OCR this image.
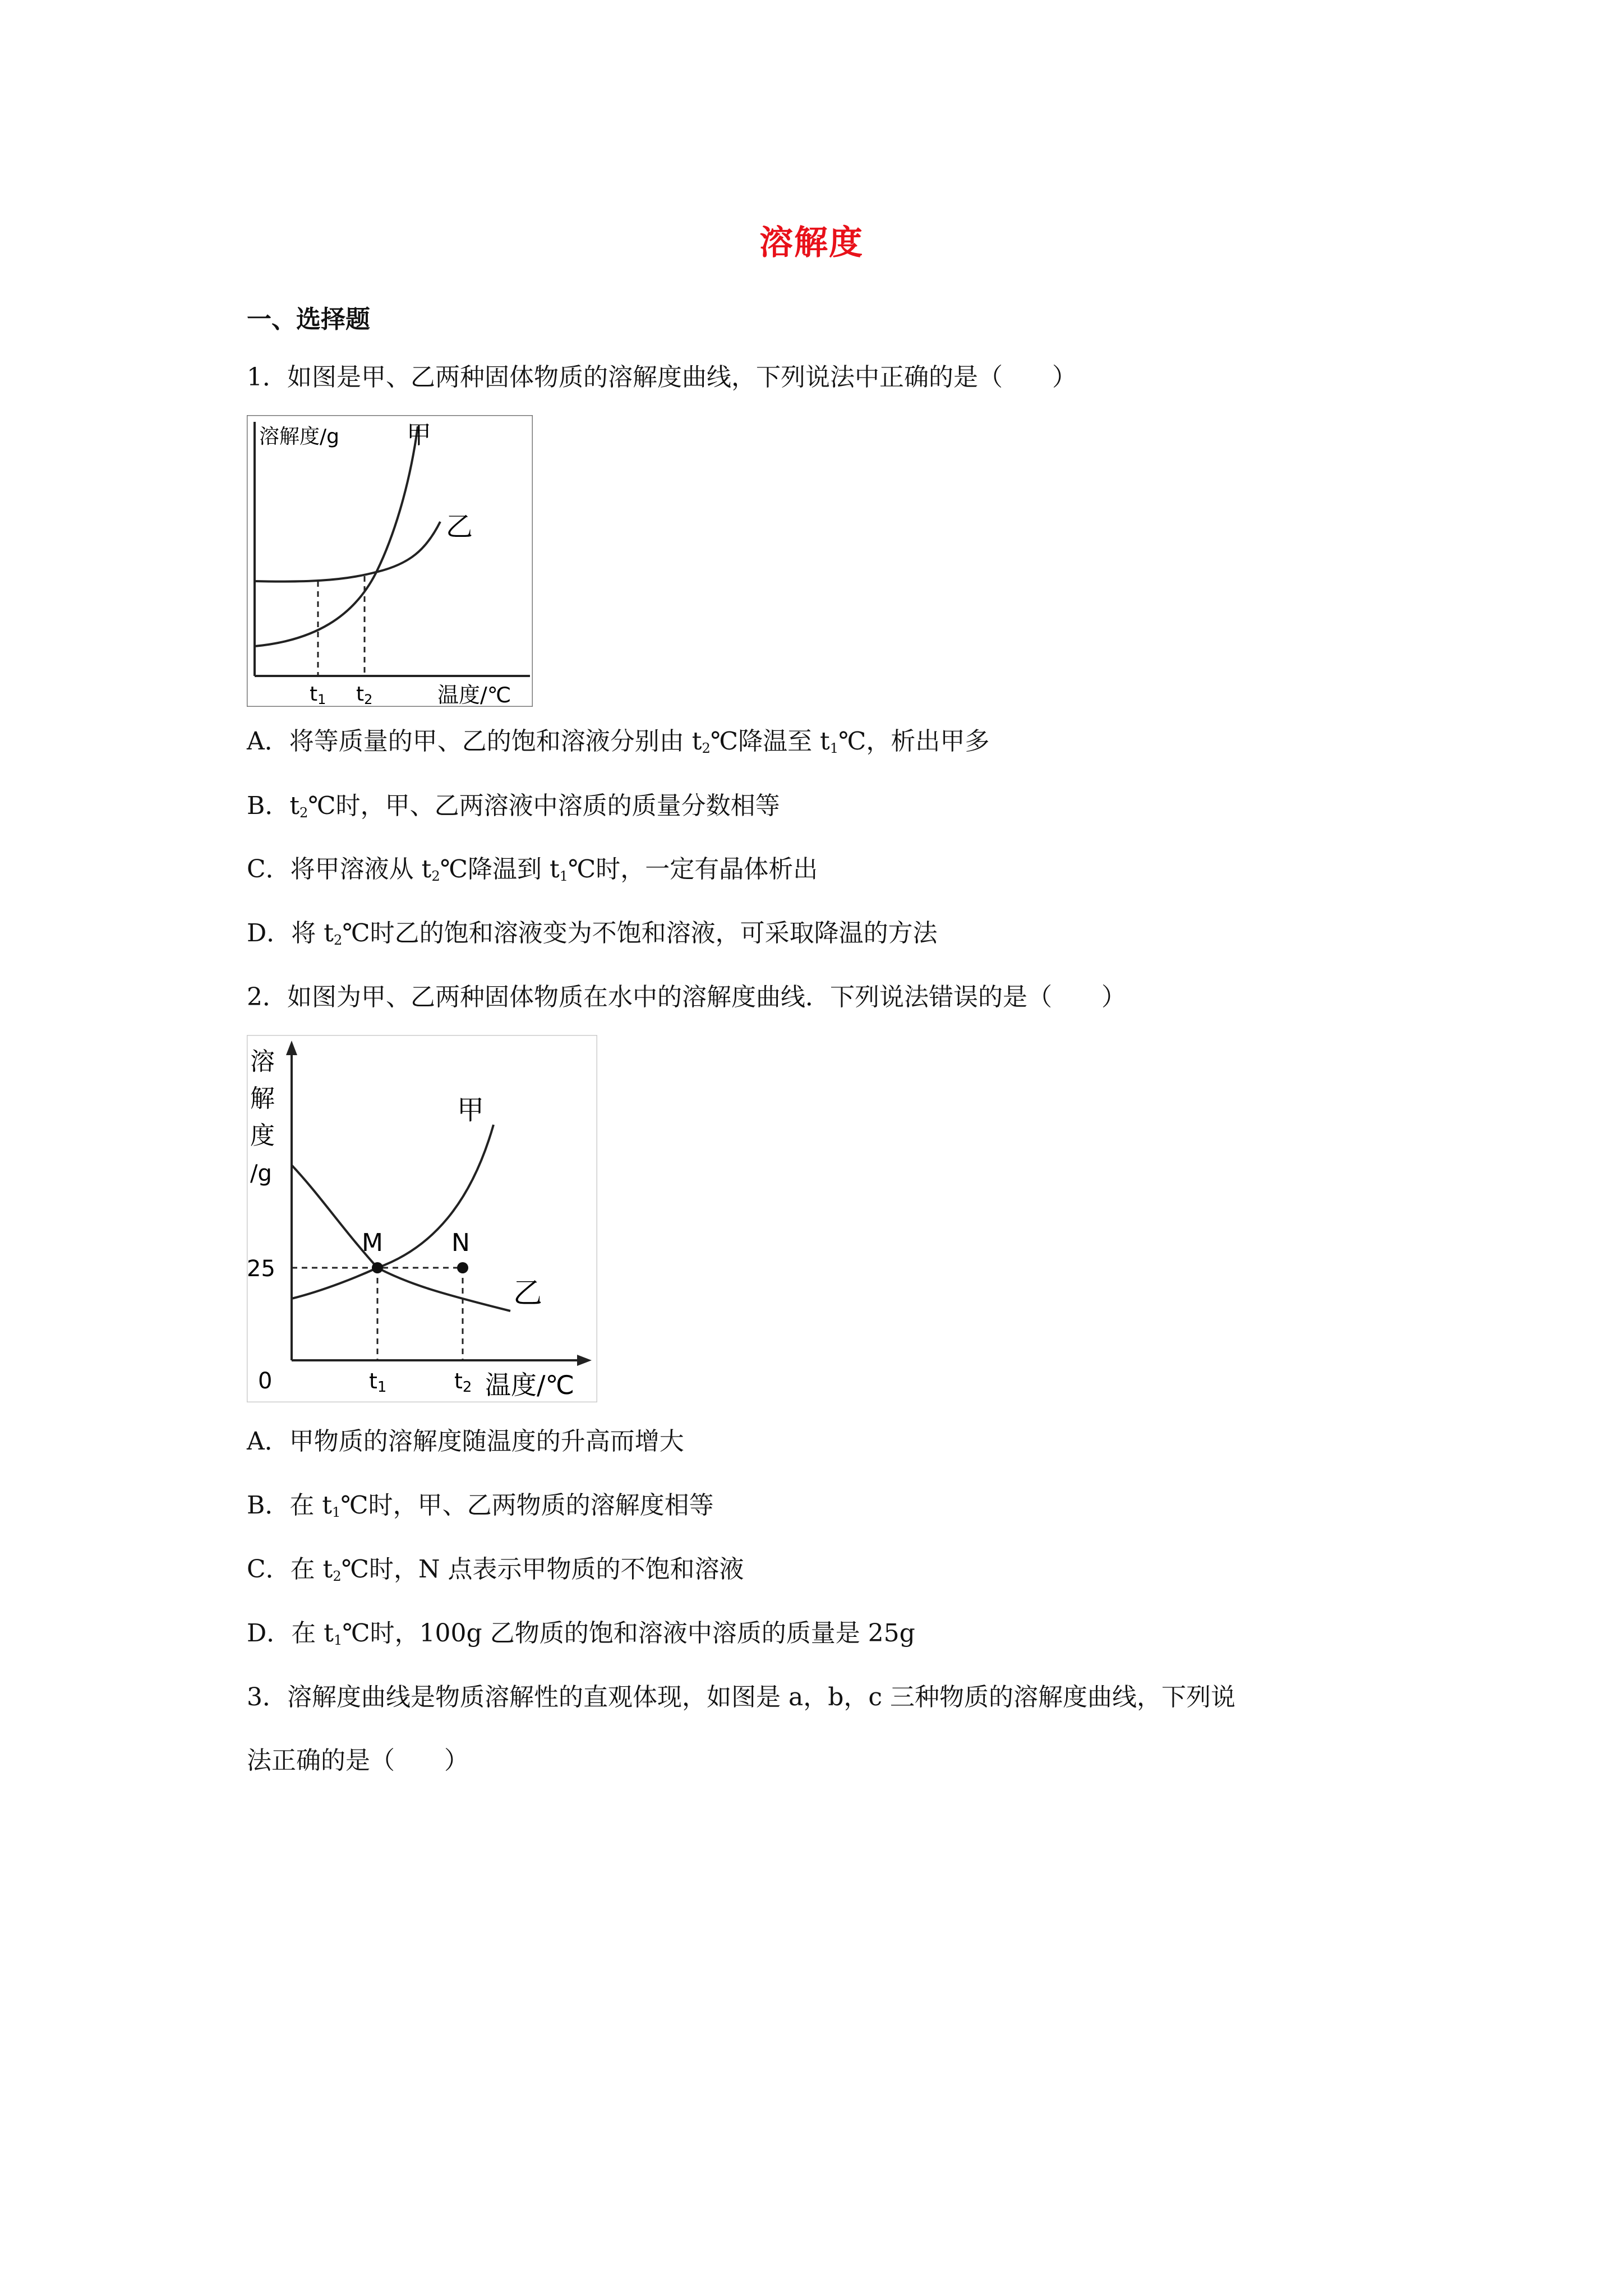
溶解度
一、选择题
1．如图是甲、乙两种固体物质的溶解度曲线，下列说法中正确的是（　　）
溶解度/g	甲
乙
t1 t2	温度/℃
A．将等质量的甲、乙的饱和溶液分别由 $t_2℃$降温至 $t_1℃$，析出甲多
B．$t_2℃$时，甲、乙两溶液中溶质的质量分数相等
C．将甲溶液从 $t_2℃$降温到 $t_1℃$时，一定有晶体析出
D．将 $t_2℃$时乙的饱和溶液变为不饱和溶液，可采取降温的方法
2．如图为甲、乙两种固体物质在水中的溶解度曲线．下列说法错误的是（　　）
溶
解
度
/g
M	N
甲
乙
25
0	t1	t2 温度/℃
A．甲物质的溶解度随温度的升高而增大
B．在 $t_1℃$时，甲、乙两物质的溶解度相等
C．在 $t_2℃$时，N 点表示甲物质的不饱和溶液
D．在 $t_1℃$时，100g 乙物质的饱和溶液中溶质的质量是 25g
3．溶解度曲线是物质溶解性的直观体现，如图是 a，b，c 三种物质的溶解度曲线，下列说
法正确的是（　　）
